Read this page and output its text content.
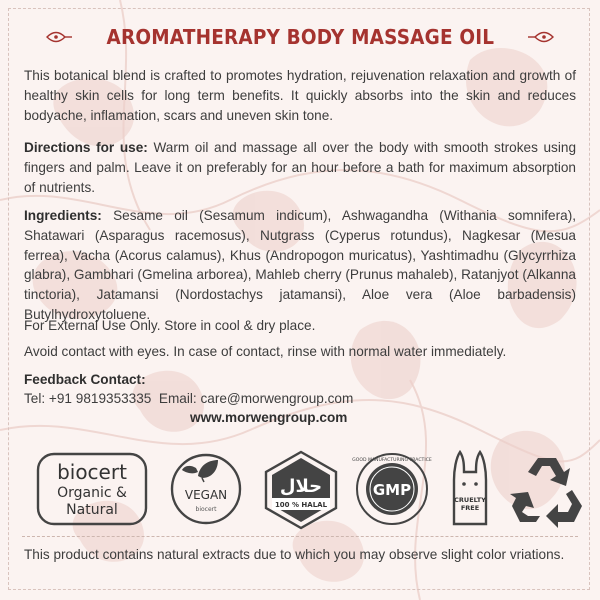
AROMATHERAPY BODY MASSAGE OIL

This botanical blend is crafted to promotes hydration, rejuvenation relaxation and growth of healthy skin cells for long term benefits. It quickly absorbs into the skin and reduces bodyache, inflamation, scars and uneven skin tone.

Directions for use: Warm oil and massage all over the body with smooth strokes using fingers and palm. Leave it on preferably for an hour before a bath for maximum absorption of nutrients.

Ingredients: Sesame oil (Sesamum indicum), Ashwagandha (Withania somnifera), Shatawari (Asparagus racemosus), Nutgrass (Cyperus rotundus), Nagkesar (Mesua ferrea), Vacha (Acorus calamus), Khus (Andropogon muricatus), Yashtimadhu (Glycyrrhiza glabra), Gambhari (Gmelina arborea), Mahleb cherry (Prunus mahaleb), Ratanjyot (Alkanna tinctoria), Jatamansi (Nordostachys jatamansi), Aloe vera (Aloe barbadensis) Butylhydroxytoluene.

For External Use Only. Store in cool & dry place.

Avoid contact with eyes. In case of contact, rinse with normal water immediately.

Feedback Contact:
Tel: +91 9819353335  Email: care@morwengroup.com
www.morwengroup.com
biocert
Organic &
Natural
VEGAN
biocert
حلال
100 % HALAL
GMP
GOOD MANUFACTURING PRACTICE
CRUELTY
FREE
This product contains natural extracts due to which you may observe slight color vriations.
